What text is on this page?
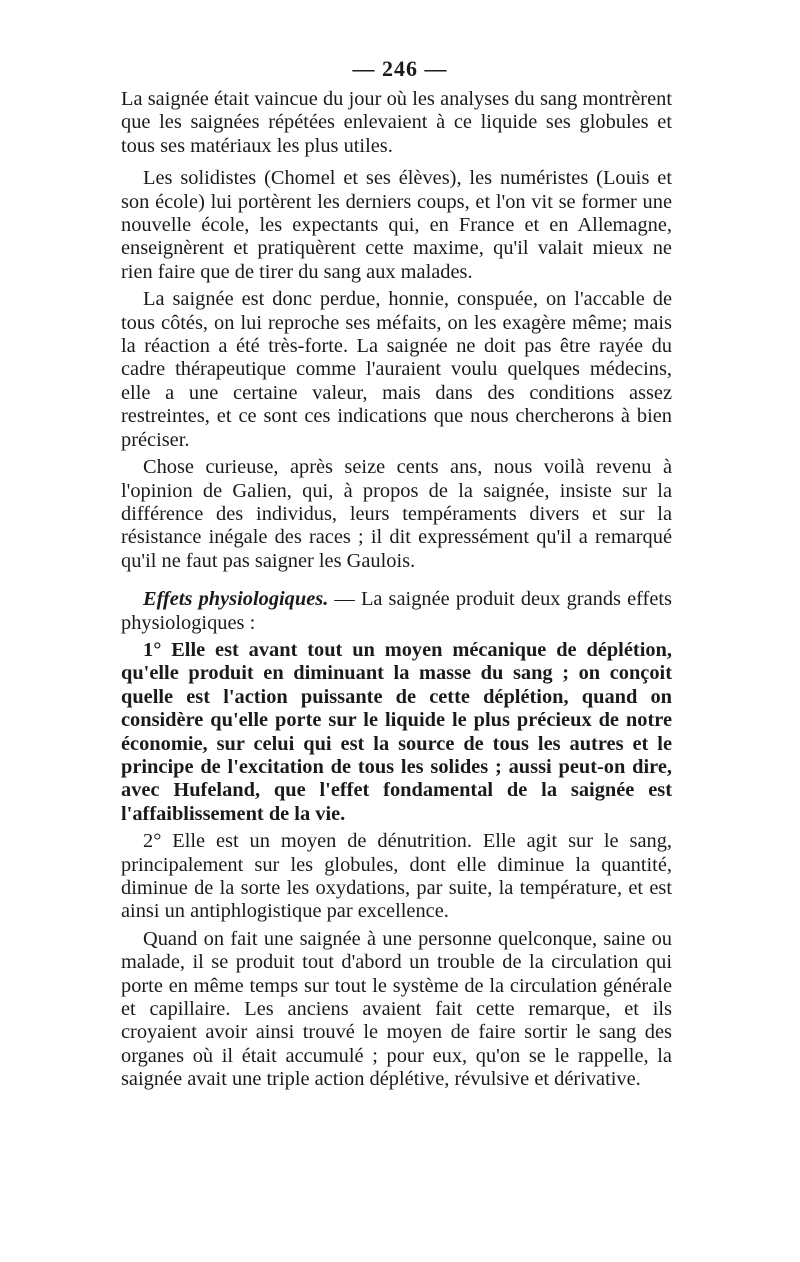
— 246 —

La saignée était vaincue du jour où les analyses du sang montrèrent que les saignées répétées enlevaient à ce liquide ses globules et tous ses matériaux les plus utiles.

Les solidistes (Chomel et ses élèves), les numéristes (Louis et son école) lui portèrent les derniers coups, et l'on vit se former une nouvelle école, les expectants qui, en France et en Allemagne, enseignèrent et pratiquèrent cette maxime, qu'il valait mieux ne rien faire que de tirer du sang aux malades.

La saignée est donc perdue, honnie, conspuée, on l'accable de tous côtés, on lui reproche ses méfaits, on les exagère même; mais la réaction a été très-forte. La saignée ne doit pas être rayée du cadre thérapeutique comme l'auraient voulu quelques médecins, elle a une certaine valeur, mais dans des conditions assez restreintes, et ce sont ces indications que nous chercherons à bien préciser.

Chose curieuse, après seize cents ans, nous voilà revenu à l'opinion de Galien, qui, à propos de la saignée, insiste sur la différence des individus, leurs tempéraments divers et sur la résistance inégale des races ; il dit expressément qu'il a remarqué qu'il ne faut pas saigner les Gaulois.

Effets physiologiques. — La saignée produit deux grands effets physiologiques :

1° Elle est avant tout un moyen mécanique de déplétion, qu'elle produit en diminuant la masse du sang ; on conçoit quelle est l'action puissante de cette déplétion, quand on considère qu'elle porte sur le liquide le plus précieux de notre économie, sur celui qui est la source de tous les autres et le principe de l'excitation de tous les solides ; aussi peut-on dire, avec Hufeland, que l'effet fondamental de la saignée est l'affaiblissement de la vie.

2° Elle est un moyen de dénutrition. Elle agit sur le sang, principalement sur les globules, dont elle diminue la quantité, diminue de la sorte les oxydations, par suite, la température, et est ainsi un antiphlogistique par excellence.

Quand on fait une saignée à une personne quelconque, saine ou malade, il se produit tout d'abord un trouble de la circulation qui porte en même temps sur tout le système de la circulation générale et capillaire. Les anciens avaient fait cette remarque, et ils croyaient avoir ainsi trouvé le moyen de faire sortir le sang des organes où il était accumulé ; pour eux, qu'on se le rappelle, la saignée avait une triple action déplétive, révulsive et dérivative.
